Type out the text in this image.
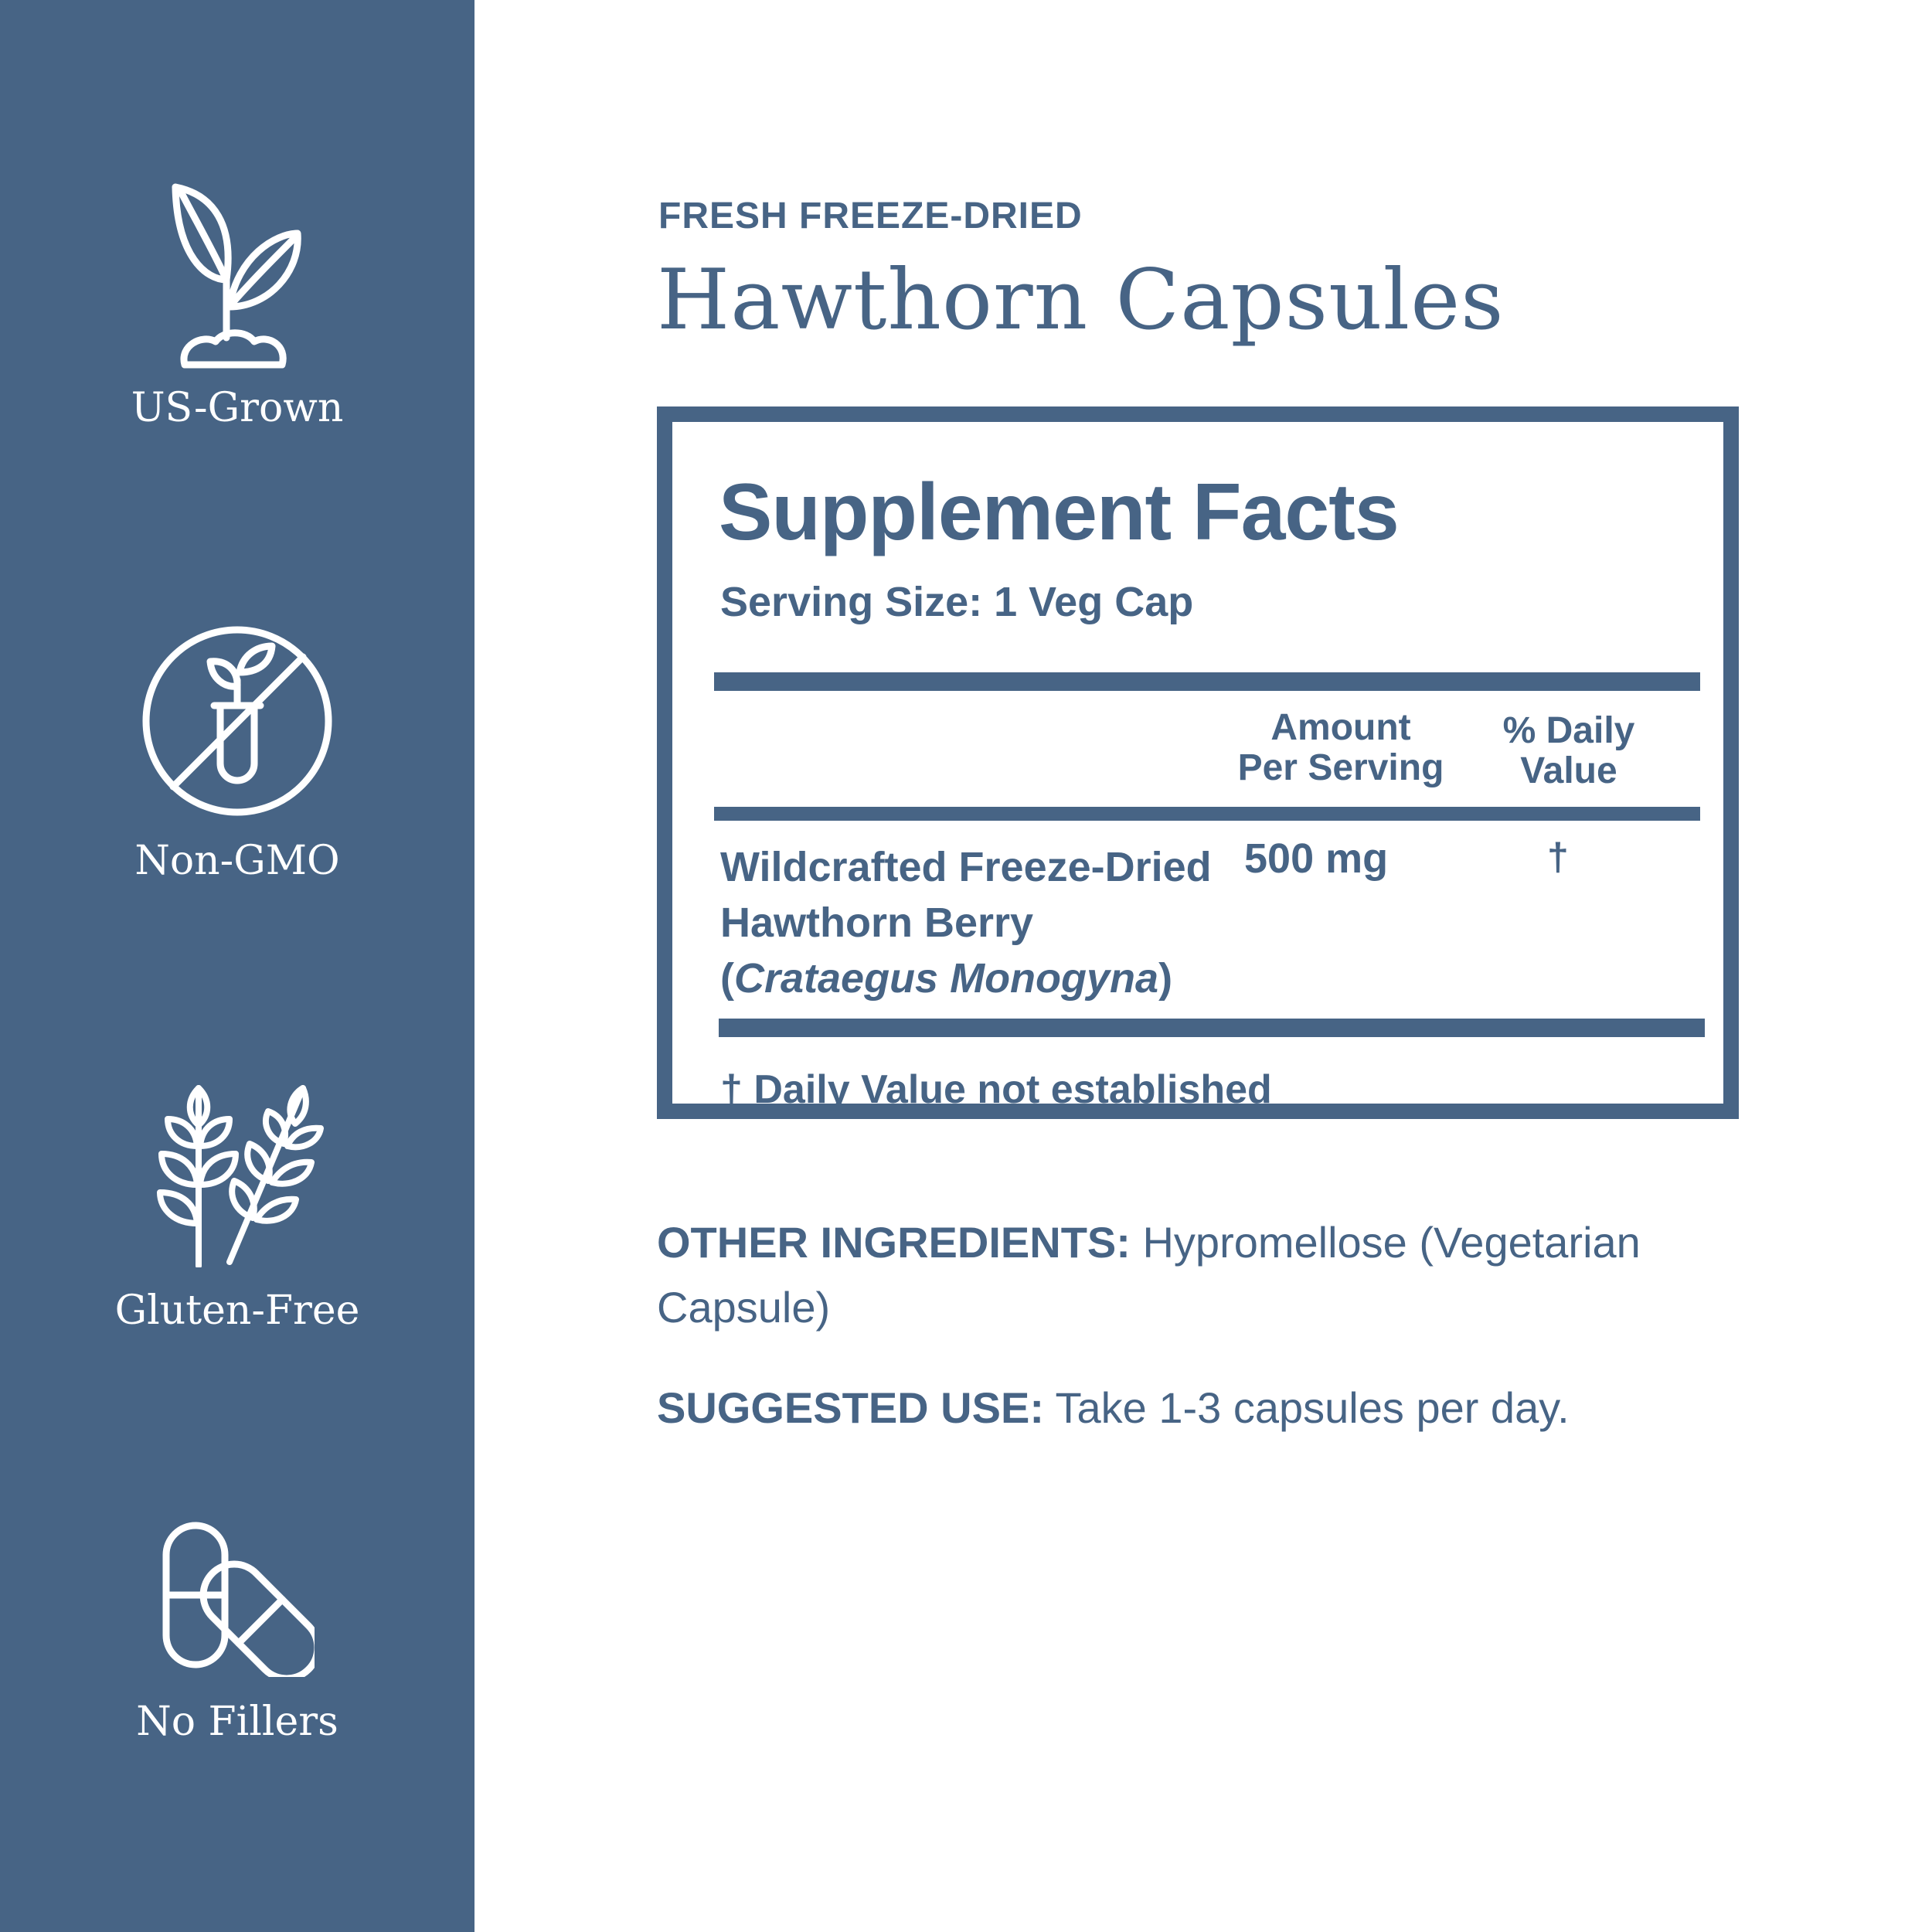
US-Grown
Non-GMO
Gluten-Free
No Fillers
FRESH FREEZE-DRIED
Hawthorn Capsules
Supplement Facts
Serving Size: 1 Veg Cap
Amount
Per Serving
% Daily
Value
Wildcrafted Freeze-Dried
Hawthorn Berry
(Crataegus Monogyna)
500 mg	†
† Daily Value not established
OTHER INGREDIENTS: Hypromellose (Vegetarian Capsule)
SUGGESTED USE: Take 1-3 capsules per day.
